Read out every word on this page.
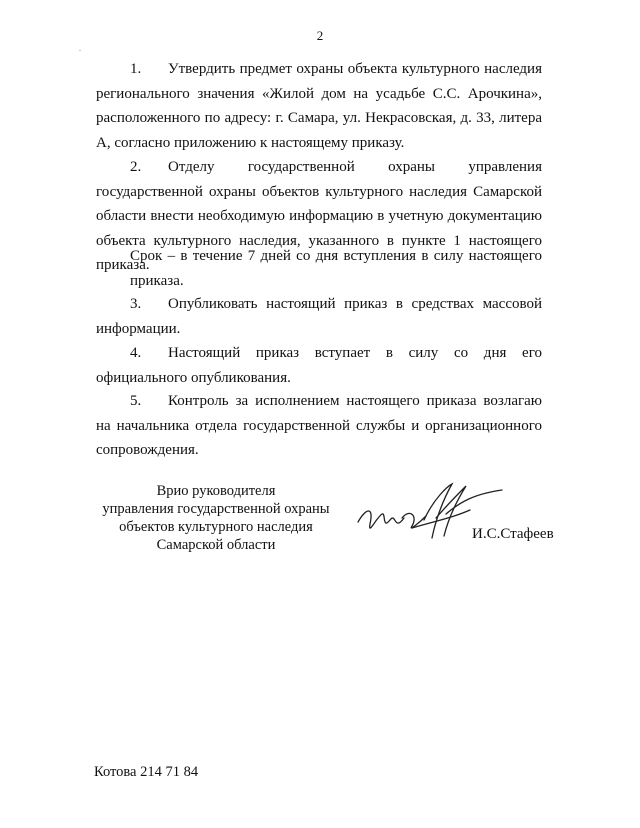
2
.
1. Утвердить предмет охраны объекта культурного наследия регионального значения «Жилой дом на усадьбе С.С. Арочкина», расположенного по адресу: г. Самара, ул. Некрасовская, д. 33, литера А, согласно приложению к настоящему приказу.
2. Отделу государственной охраны управления государственной охраны объектов культурного наследия Самарской области внести необходимую информацию в учетную документацию объекта культурного наследия, указанного в пункте 1 настоящего приказа.
Срок – в течение 7 дней со дня вступления в силу настоящего приказа.
3. Опубликовать настоящий приказ в средствах массовой информации.
4. Настоящий приказ вступает в силу со дня его официального опубликования.
5. Контроль за исполнением настоящего приказа возлагаю на начальника отдела государственной службы и организационного сопровождения.
Врио руководителя
управления государственной охраны
объектов культурного наследия
Самарской области
И.С.Стафеев
Котова 214 71 84
